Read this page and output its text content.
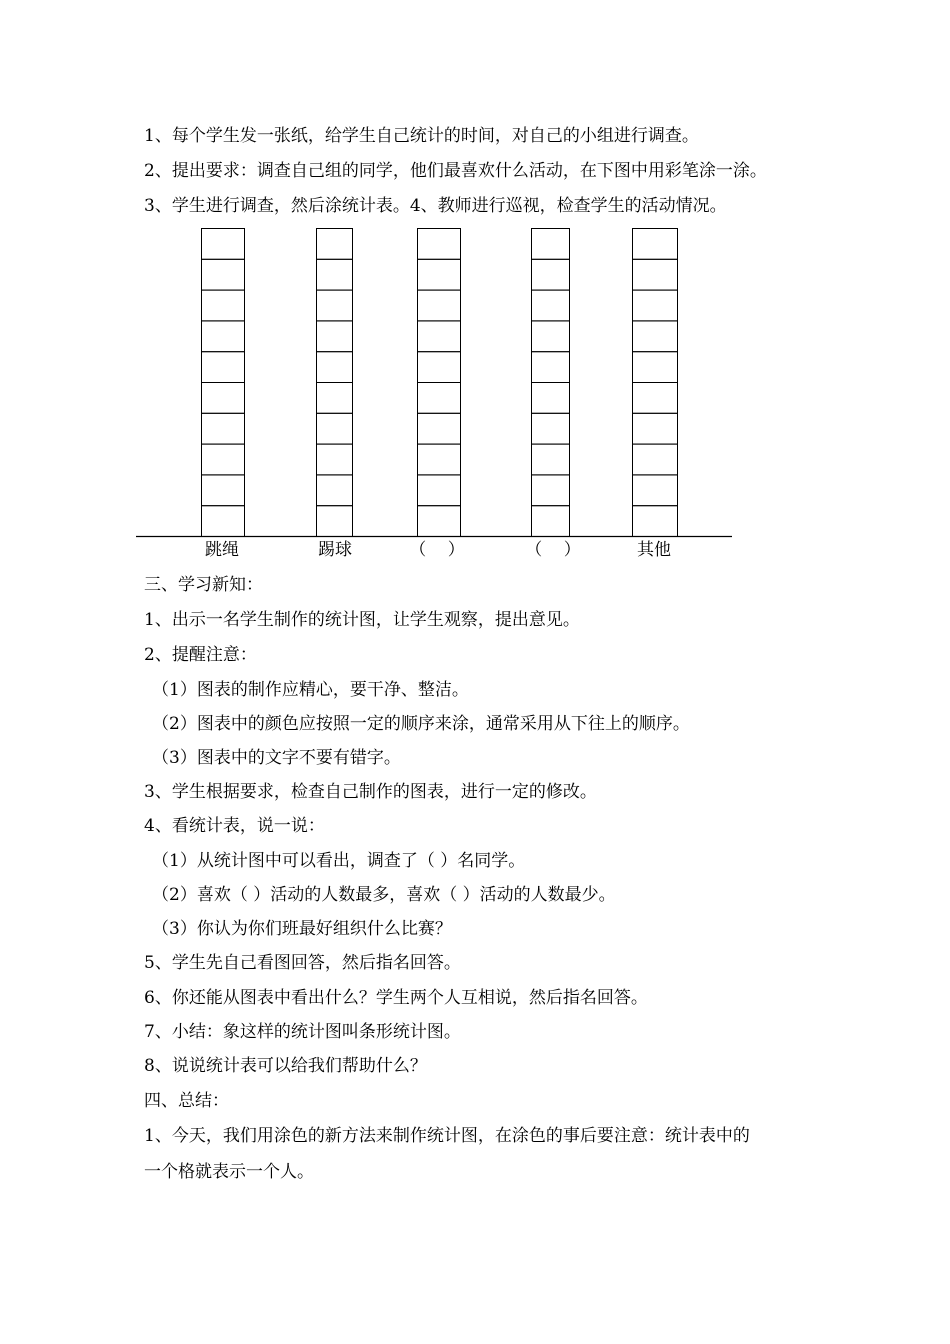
1、每个学生发一张纸，给学生自己统计的时间，对自己的小组进行调查。
2、提出要求：调查自己组的同学，他们最喜欢什么活动，在下图中用彩笔涂一涂。
3、学生进行调查，然后涂统计表。4、教师进行巡视，检查学生的活动情况。
跳绳	踢球	（    ）	（    ）	其他
三、学习新知：
1、出示一名学生制作的统计图，让学生观察，提出意见。
2、提醒注意：
（1）图表的制作应精心，要干净、整洁。
（2）图表中的颜色应按照一定的顺序来涂，通常采用从下往上的顺序。
（3）图表中的文字不要有错字。
3、学生根据要求，检查自己制作的图表，进行一定的修改。
4、看统计表，说一说：
（1）从统计图中可以看出，调查了（ ）名同学。
（2）喜欢（ ）活动的人数最多，喜欢（ ）活动的人数最少。
（3）你认为你们班最好组织什么比赛？
5、学生先自己看图回答，然后指名回答。
6、你还能从图表中看出什么？学生两个人互相说，然后指名回答。
7、小结：象这样的统计图叫条形统计图。
8、说说统计表可以给我们帮助什么？
四、总结：
1、今天，我们用涂色的新方法来制作统计图，在涂色的事后要注意：统计表中的
一个格就表示一个人。
